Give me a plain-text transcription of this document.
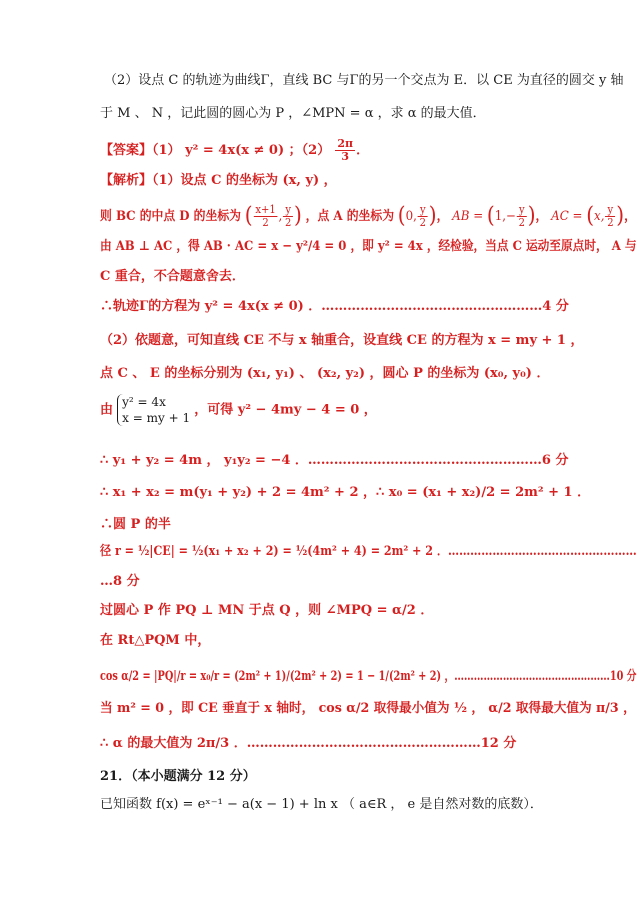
（2）设点 C 的轨迹为曲线Γ，直线 BC 与Γ的另一个交点为 E．以 CE 为直径的圆交 y 轴
于 M 、 N ，记此圆的圆心为 P ，∠MPN = α ，求 α 的最大值．
【答案】（1） y² = 4x(x ≠ 0) ；$(2) \frac{2\pi}{3}$ ．
【解析】（1）设点 C 的坐标为 (x, y) ，
则 BC 的中点 D 的坐标为 ( $\frac{x+1}{2}$ , $\frac{y}{2}$ ) ，点 A 的坐标为 (0, $\frac{y}{2}$ )， AB = ($1,- \frac{y}{2}$ )， AC = (x, $\frac{y}{2}$ )，
由 AB ⊥ AC ，得 AB · AC = x − y²/4 = 0 ，即 y² = 4x ，经检验，当点 C 运动至原点时， A 与
C 重合，不合题意舍去．
∴轨迹Γ的方程为 y² = 4x(x ≠ 0) ．……………………………………………4 分
（2）依题意，可知直线 CE 不与 x 轴重合，设直线 CE 的方程为 x = my + 1 ，
点 C 、 E 的坐标分别为 (x₁, y₁) 、 (x₂, y₂) ，圆心 P 的坐标为 (x₀, y₀) ．
由
y² = 4x
x = my + 1
，可得 y² − 4my − 4 = 0 ，
∴ y₁ + y₂ = 4m ， y₁y₂ = −4 ．………………………………………………6 分
∴ x₁ + x₂ = m(y₁ + y₂) + 2 = 4m² + 2 ，∴ x₀ = (x₁ + x₂)/2 = 2m² + 1 ．
∴圆 P 的半
径 r = ½|CE| = ½(x₁ + x₂ + 2) = ½(4m² + 4) = 2m² + 2 ．……………………………………………
…8 分
过圆心 P 作 PQ ⊥ MN 于点 Q ，则 ∠MPQ = α/2 ．
在 Rt△PQM 中，
cos α/2 = |PQ|/r = x₀/r = (2m² + 1)/(2m² + 2) = 1 − 1/(2m² + 2) ，…………………………………………10 分
当 m² = 0 ，即 CE 垂直于 x 轴时， cos α/2 取得最小值为 ½ ， α/2 取得最大值为 π/3 ，
∴ α 的最大值为 2π/3 ．………………………………………………12 分
21．（本小题满分 12 分）
已知函数 f(x) = eˣ⁻¹ − a(x − 1) + ln x （ a∈R ， e 是自然对数的底数）．
